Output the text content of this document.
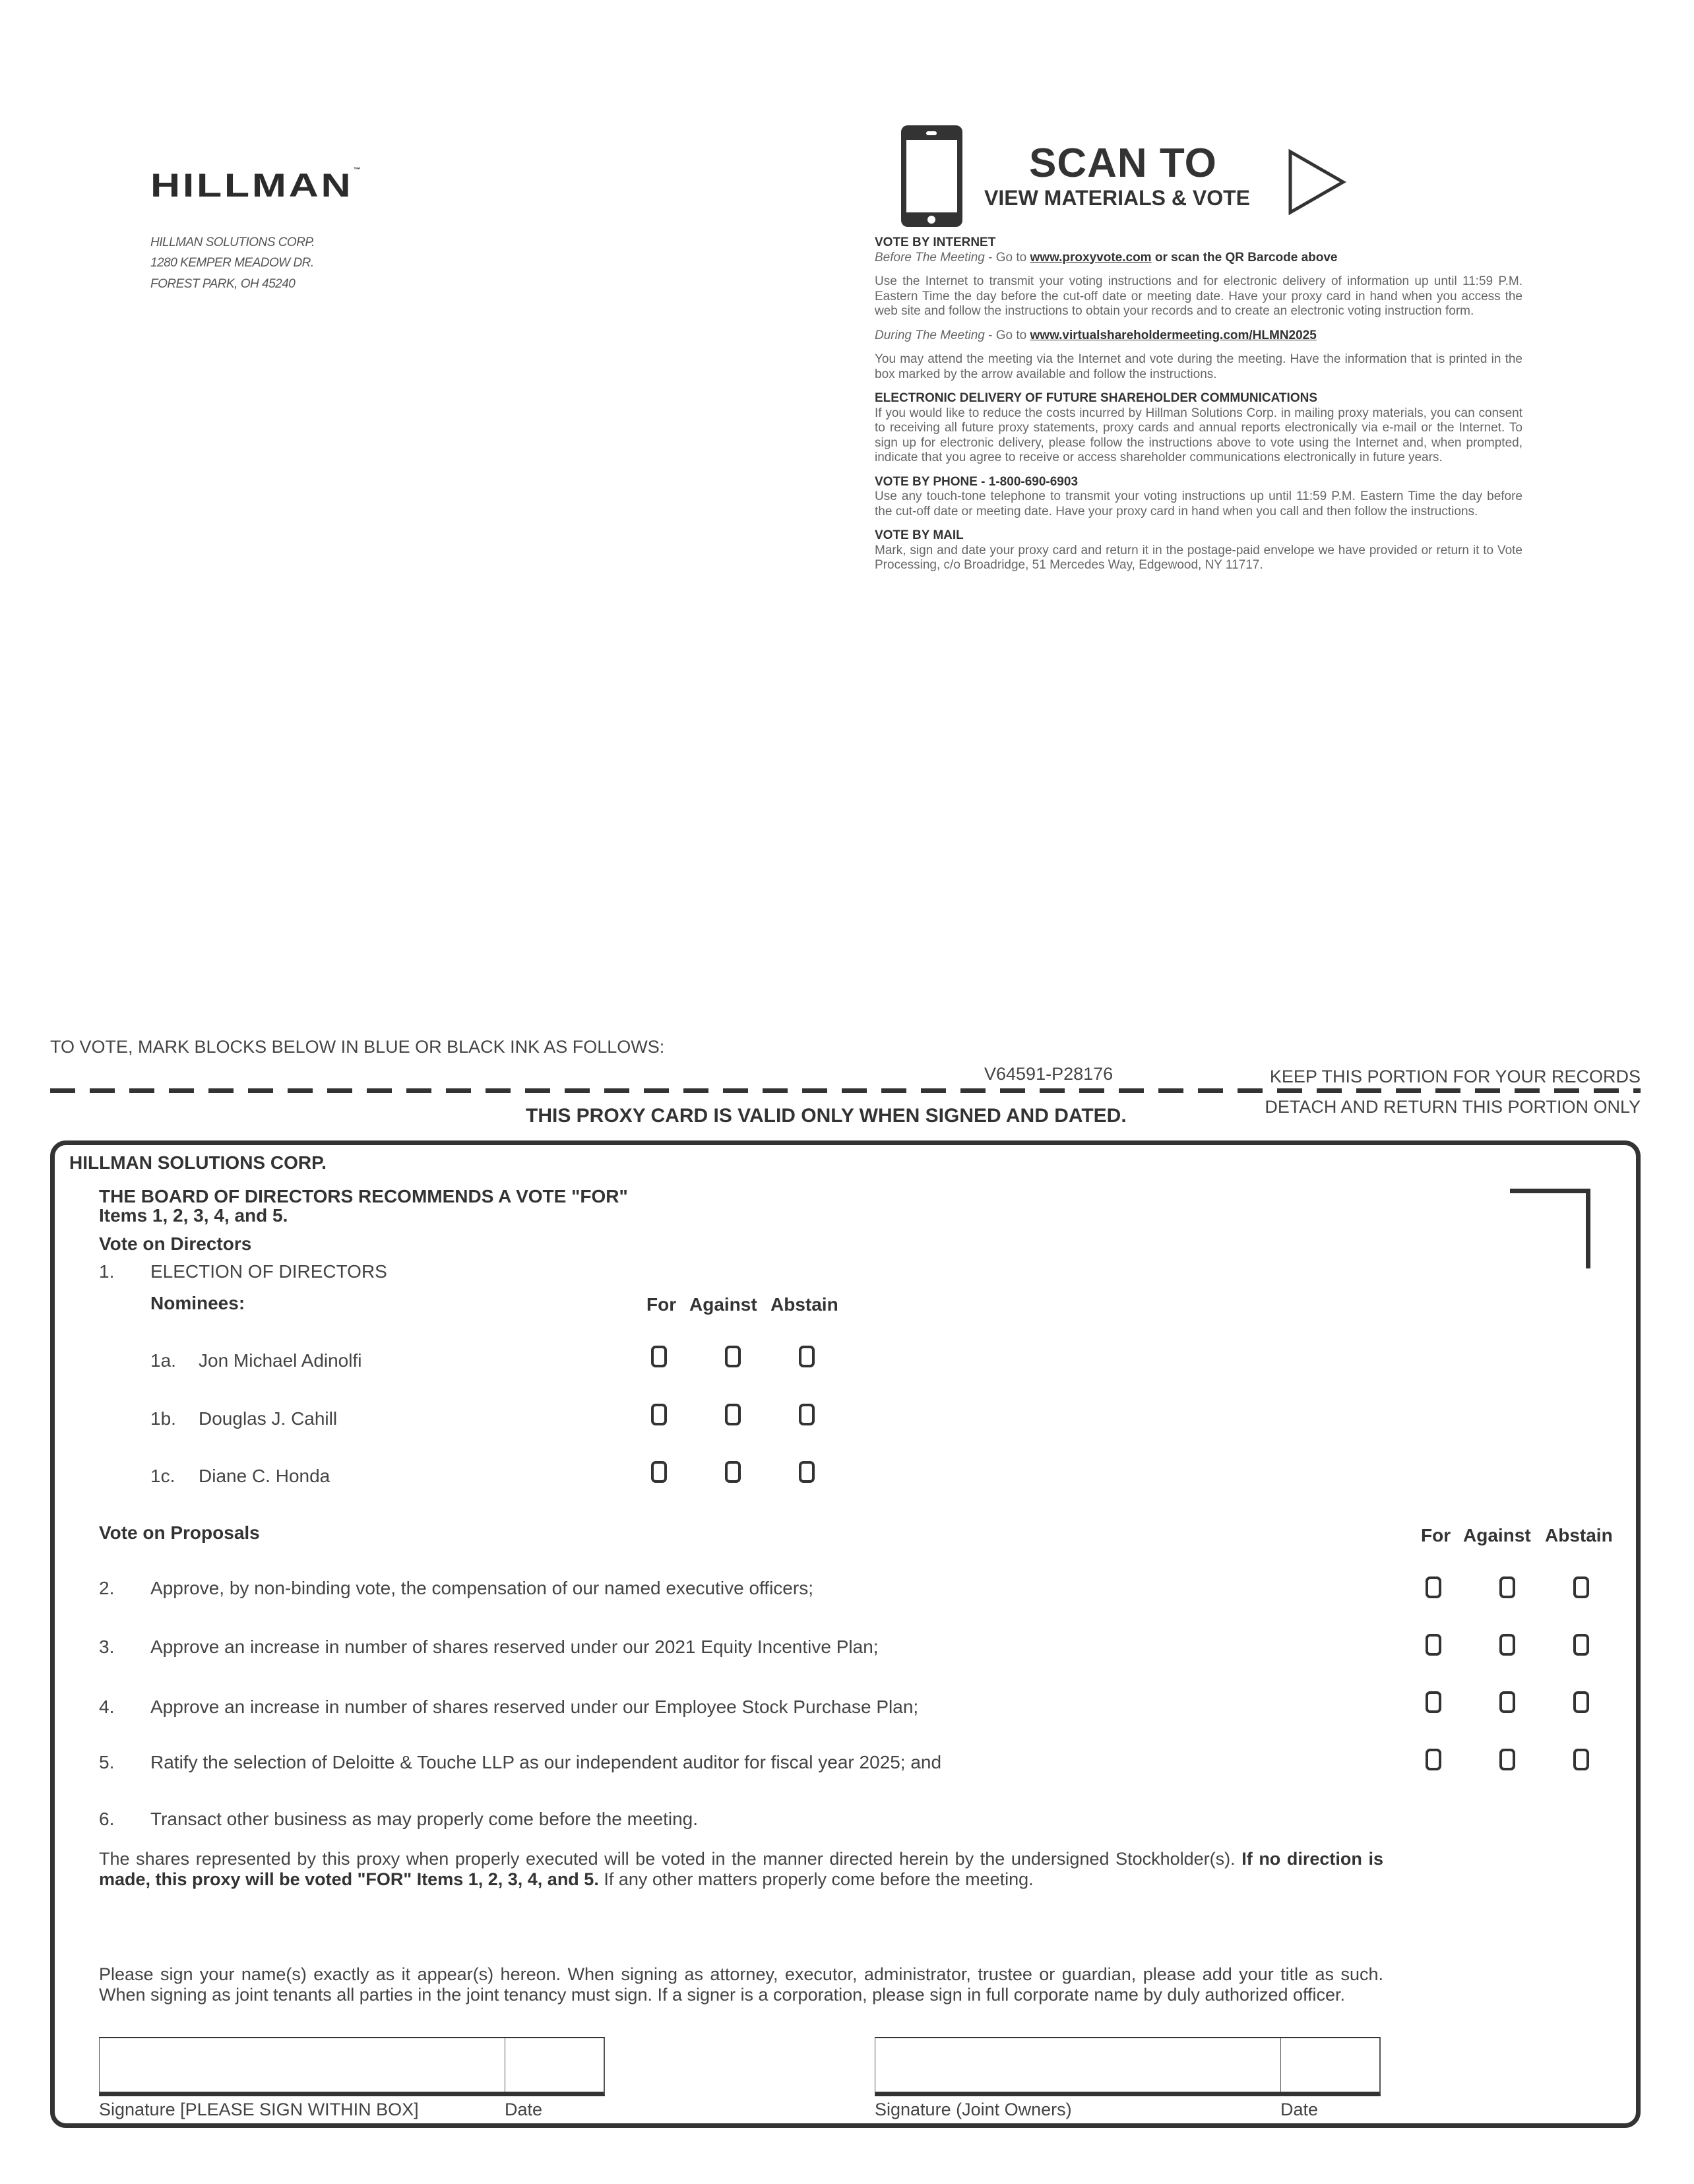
HILLMAN™
HILLMAN SOLUTIONS CORP.
1280 KEMPER MEADOW DR.
FOREST PARK, OH 45240
SCAN TO
VIEW MATERIALS & VOTE
VOTE BY INTERNET

Before The Meeting - Go to www.proxyvote.com or scan the QR Barcode above

Use the Internet to transmit your voting instructions and for electronic delivery of information up until 11:59 P.M. Eastern Time the day before the cut-off date or meeting date. Have your proxy card in hand when you access the web site and follow the instructions to obtain your records and to create an electronic voting instruction form.

During The Meeting - Go to www.virtualshareholdermeeting.com/HLMN2025

You may attend the meeting via the Internet and vote during the meeting. Have the information that is printed in the box marked by the arrow available and follow the instructions.

ELECTRONIC DELIVERY OF FUTURE SHAREHOLDER COMMUNICATIONS

If you would like to reduce the costs incurred by Hillman Solutions Corp. in mailing proxy materials, you can consent to receiving all future proxy statements, proxy cards and annual reports electronically via e-mail or the Internet. To sign up for electronic delivery, please follow the instructions above to vote using the Internet and, when prompted, indicate that you agree to receive or access shareholder communications electronically in future years.

VOTE BY PHONE - 1-800-690-6903

Use any touch-tone telephone to transmit your voting instructions up until 11:59 P.M. Eastern Time the day before the cut-off date or meeting date. Have your proxy card in hand when you call and then follow the instructions.

VOTE BY MAIL

Mark, sign and date your proxy card and return it in the postage-paid envelope we have provided or return it to Vote Processing, c/o Broadridge, 51 Mercedes Way, Edgewood, NY 11717.

TO VOTE, MARK BLOCKS BELOW IN BLUE OR BLACK INK AS FOLLOWS:
V64591-P28176	KEEP THIS PORTION FOR YOUR RECORDS
DETACH AND RETURN THIS PORTION ONLY
THIS PROXY CARD IS VALID ONLY WHEN SIGNED AND DATED.
HILLMAN SOLUTIONS CORP.
THE BOARD OF DIRECTORS RECOMMENDS A VOTE "FOR"
Items 1, 2, 3, 4, and 5.
Vote on Directors
1. ELECTION OF DIRECTORS
Nominees:	For Against Abstain
1a. Jon Michael Adinolfi
1b. Douglas J. Cahill
1c. Diane C. Honda
Vote on Proposals	For Against Abstain
2. Approve, by non-binding vote, the compensation of our named executive officers;
3. Approve an increase in number of shares reserved under our 2021 Equity Incentive Plan;
4. Approve an increase in number of shares reserved under our Employee Stock Purchase Plan;
5. Ratify the selection of Deloitte & Touche LLP as our independent auditor for fiscal year 2025; and
6. Transact other business as may properly come before the meeting.
The shares represented by this proxy when properly executed will be voted in the manner directed herein by the undersigned Stockholder(s). If no direction is made, this proxy will be voted "FOR" Items 1, 2, 3, 4, and 5. If any other matters properly come before the meeting.
Please sign your name(s) exactly as it appear(s) hereon. When signing as attorney, executor, administrator, trustee or guardian, please add your title as such. When signing as joint tenants all parties in the joint tenancy must sign. If a signer is a corporation, please sign in full corporate name by duly authorized officer.
Signature [PLEASE SIGN WITHIN BOX]	Date	Signature (Joint Owners)	Date
